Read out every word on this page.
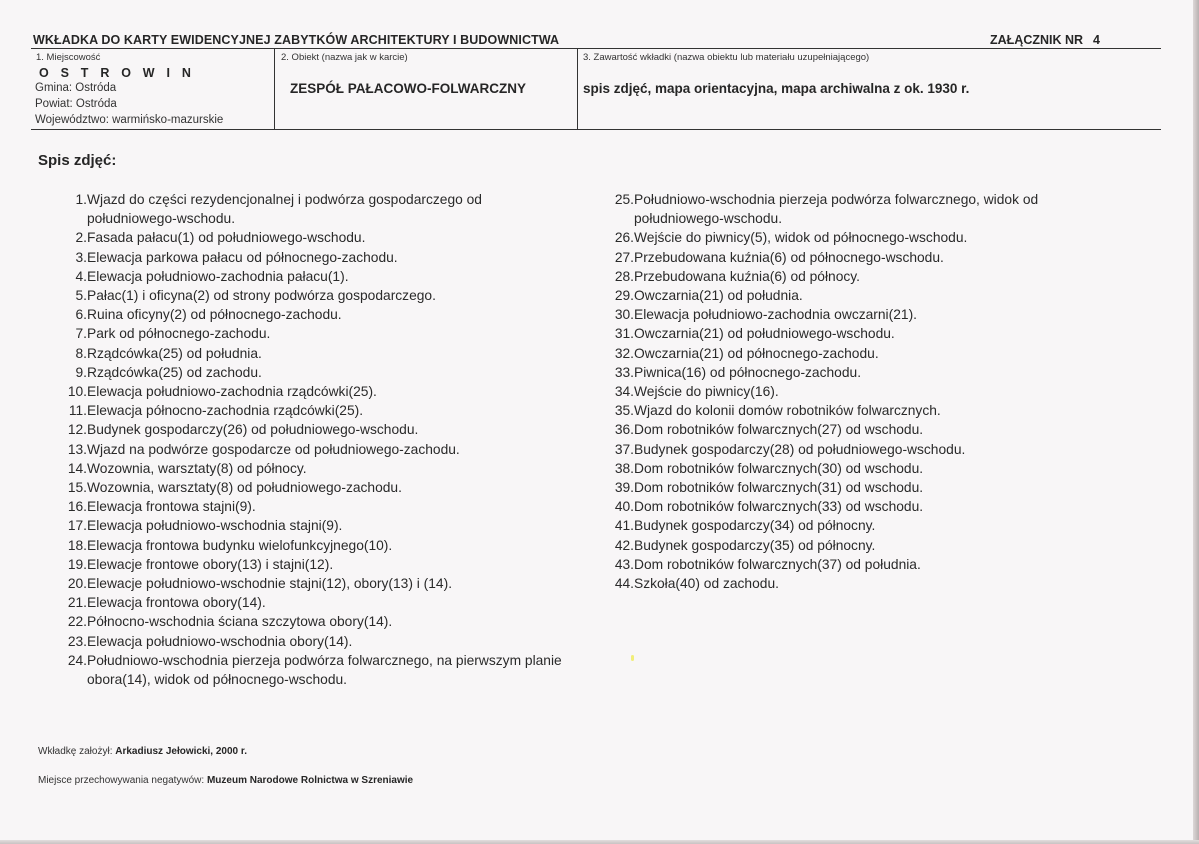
WKŁADKA DO KARTY EWIDENCYJNEJ ZABYTKÓW ARCHITEKTURY I BUDOWNICTWA	ZAŁĄCZNIK NR 4
1. Miejscowość
O S T R O W I N
Gmina: Ostróda
Powiat: Ostróda
Województwo: warmińsko-mazurskie
2. Obiekt (nazwa jak w karcie)
ZESPÓŁ PAŁACOWO-FOLWARCZNY
3. Zawartość wkładki (nazwa obiektu lub materiału uzupełniającego)
spis zdjęć, mapa orientacyjna, mapa archiwalna z ok. 1930 r.
Spis zdjęć:
1. Wjazd do części rezydencjonalnej i podwórza gospodarczego od południowego-wschodu.
2. Fasada pałacu(1) od południowego-wschodu.
3. Elewacja parkowa pałacu od północnego-zachodu.
4. Elewacja południowo-zachodnia pałacu(1).
5. Pałac(1) i oficyna(2) od strony podwórza gospodarczego.
6. Ruina oficyny(2) od północnego-zachodu.
7. Park od północnego-zachodu.
8. Rządcówka(25) od południa.
9. Rządcówka(25) od zachodu.
10. Elewacja południowo-zachodnia rządcówki(25).
11. Elewacja północno-zachodnia rządcówki(25).
12. Budynek gospodarczy(26) od południowego-wschodu.
13. Wjazd na podwórze gospodarcze od południowego-zachodu.
14. Wozownia, warsztaty(8) od północy.
15. Wozownia, warsztaty(8) od południowego-zachodu.
16. Elewacja frontowa stajni(9).
17. Elewacja południowo-wschodnia stajni(9).
18. Elewacja frontowa budynku wielofunkcyjnego(10).
19. Elewacje frontowe obory(13) i stajni(12).
20. Elewacje południowo-wschodnie stajni(12), obory(13) i (14).
21. Elewacja frontowa obory(14).
22. Północno-wschodnia ściana szczytowa obory(14).
23. Elewacja południowo-wschodnia obory(14).
24. Południowo-wschodnia pierzeja podwórza folwarcznego, na pierwszym planie obora(14), widok od północnego-wschodu.
25. Południowo-wschodnia pierzeja podwórza folwarcznego, widok od południowego-wschodu.
26. Wejście do piwnicy(5), widok od północnego-wschodu.
27. Przebudowana kuźnia(6) od północnego-wschodu.
28. Przebudowana kuźnia(6) od północy.
29. Owczarnia(21) od południa.
30. Elewacja południowo-zachodnia owczarni(21).
31. Owczarnia(21) od południowego-wschodu.
32. Owczarnia(21) od północnego-zachodu.
33. Piwnica(16) od północnego-zachodu.
34. Wejście do piwnicy(16).
35. Wjazd do kolonii domów robotników folwarcznych.
36. Dom robotników folwarcznych(27) od wschodu.
37. Budynek gospodarczy(28) od południowego-wschodu.
38. Dom robotników folwarcznych(30) od wschodu.
39. Dom robotników folwarcznych(31) od wschodu.
40. Dom robotników folwarcznych(33) od wschodu.
41. Budynek gospodarczy(34) od północny.
42. Budynek gospodarczy(35) od północny.
43. Dom robotników folwarcznych(37) od południa.
44. Szkoła(40) od zachodu.
Wkładkę założył: Arkadiusz Jełowicki, 2000 r.
Miejsce przechowywania negatywów: Muzeum Narodowe Rolnictwa w Szreniawie
